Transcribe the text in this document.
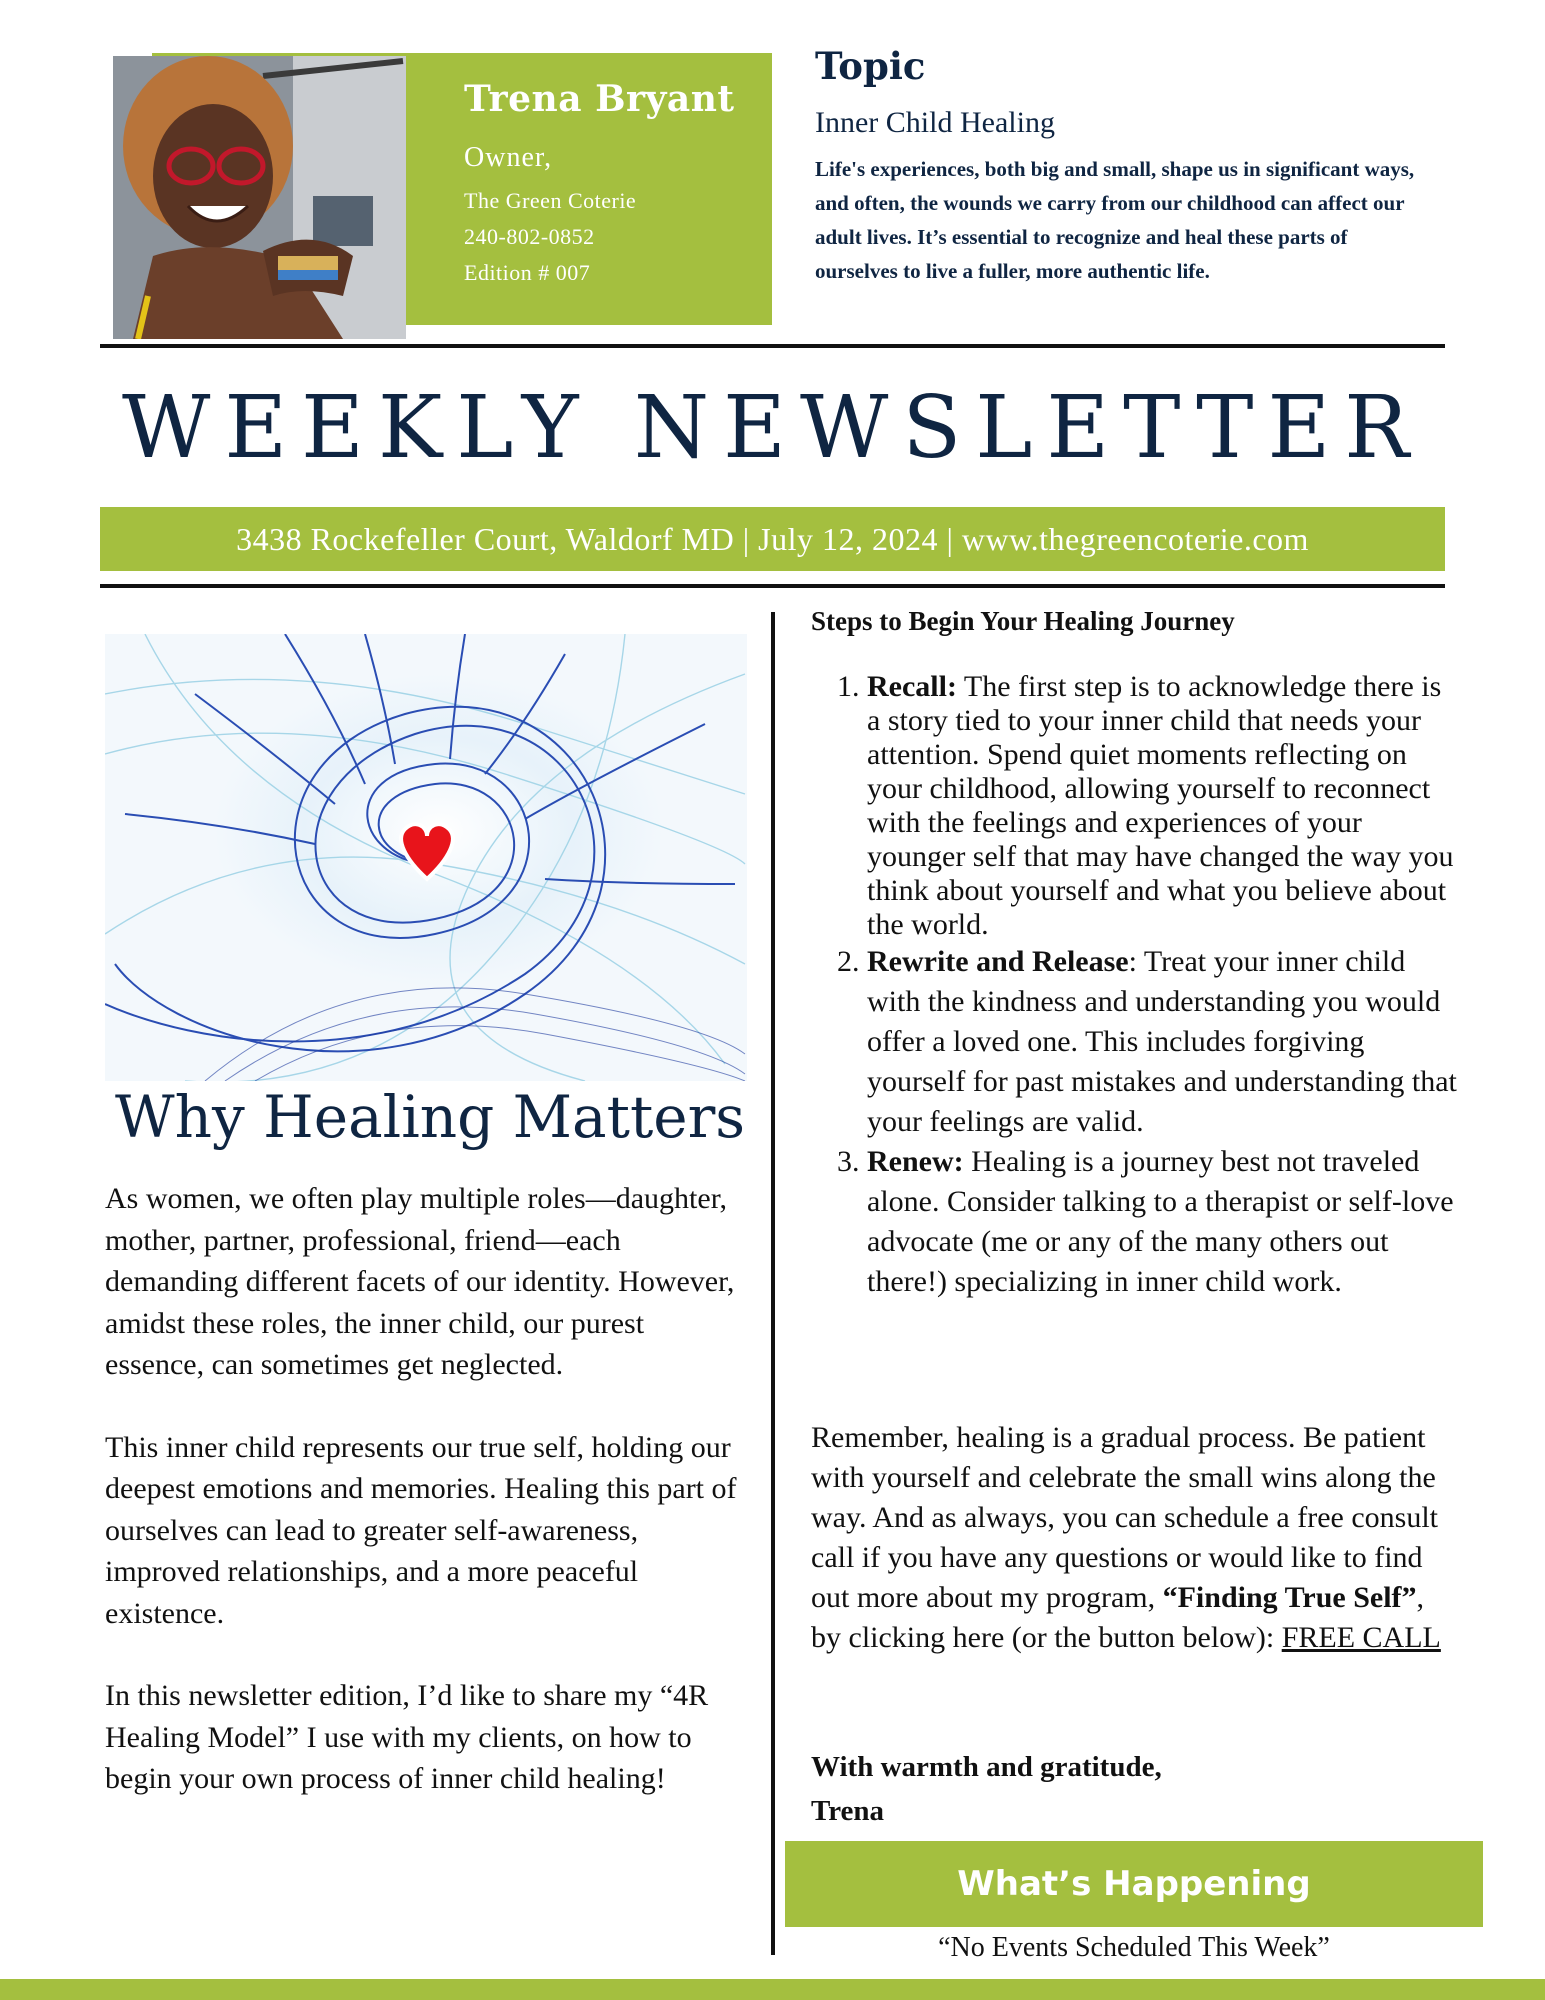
Trena Bryant
Owner,
The Green Coterie
240-802-0852
Edition # 007
Topic
Inner Child Healing
Life's experiences, both big and small, shape us in significant ways, and often, the wounds we carry from our childhood can affect our adult lives. It’s essential to recognize and heal these parts of ourselves to live a fuller, more authentic life.
WEEKLY NEWSLETTER
3438 Rockefeller Court, Waldorf MD | July 12, 2024 | www.thegreencoterie.com
Why Healing Matters

As women, we often play multiple roles—daughter, mother, partner, professional, friend—each demanding different facets of our identity. However, amidst these roles, the inner child, our purest essence, can sometimes get neglected.

This inner child represents our true self, holding our deepest emotions and memories. Healing this part of ourselves can lead to greater self-awareness, improved relationships, and a more peaceful existence.

In this newsletter edition, I’d like to share my “4R Healing Model” I use with my clients, on how to begin your own process of inner child healing!

Steps to Begin Your Healing Journey
1. Recall: The first step is to acknowledge there is a story tied to your inner child that needs your attention. Spend quiet moments reflecting on your childhood, allowing yourself to reconnect with the feelings and experiences of your younger self that may have changed the way you think about yourself and what you believe about the world.
2. Rewrite and Release: Treat your inner child with the kindness and understanding you would offer a loved one. This includes forgiving yourself for past mistakes and understanding that your feelings are valid.
3. Renew: Healing is a journey best not traveled alone. Consider talking to a therapist or self-love advocate (me or any of the many others out there!) specializing in inner child work.
Remember, healing is a gradual process. Be patient with yourself and celebrate the small wins along the way. And as always, you can schedule a free consult call if you have any questions or would like to find out more about my program, “Finding True Self”, by clicking here (or the button below): FREE CALL
With warmth and gratitude,
Trena
What’s Happening
“No Events Scheduled This Week”
